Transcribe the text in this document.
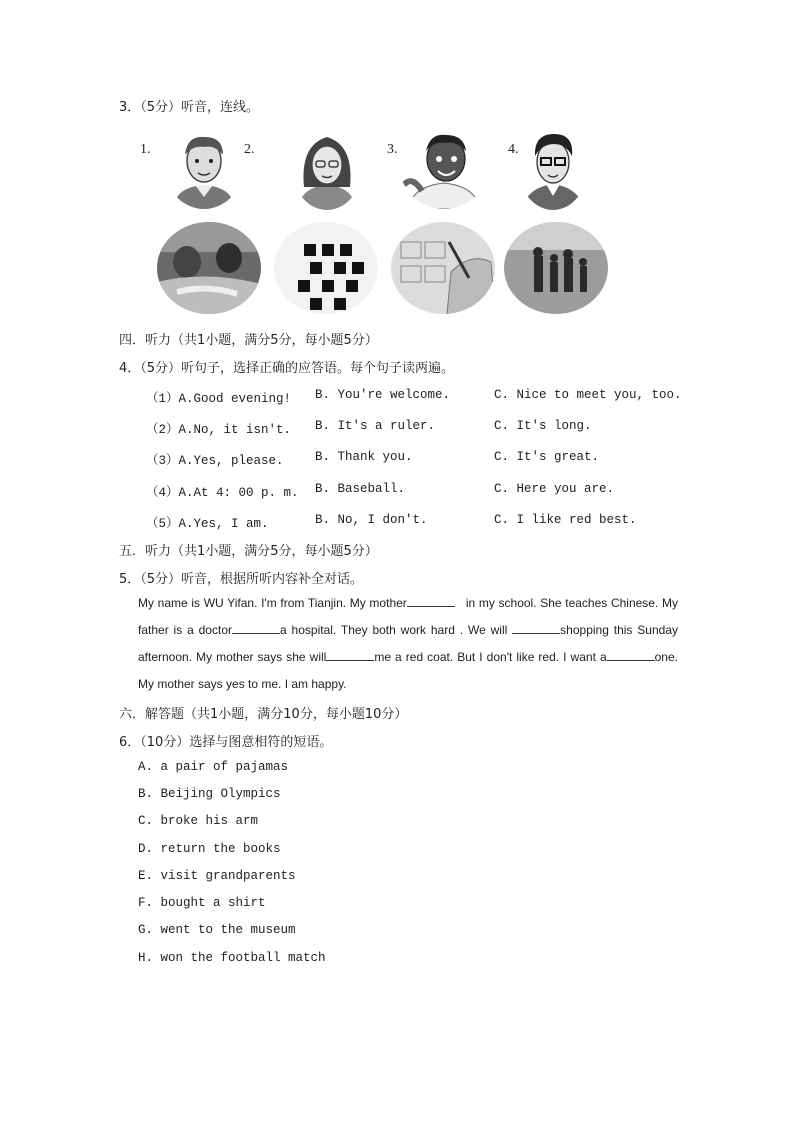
3．（5分）听音，连线。
1.	2.	3.	4.
四．听力（共1小题，满分5分，每小题5分）
4．（5分）听句子，选择正确的应答语。每个句子读两遍。
（1）A.Good evening! B. You're welcome.	C. Nice to meet you, too.
（2）A.No, it isn't. B. It's a ruler.	C. It's long.
（3）A.Yes, please.	B. Thank you.	C. It's great.
（4）A.At 4: 00 p. m. B. Baseball.	C. Here you are.
（5）A.Yes, I am.	B. No, I don't.	C. I like red best.
五．听力（共1小题，满分5分，每小题5分）
5．（5分）听音，根据所听内容补全对话。
My name is WU Yifan. I'm from Tianjin. My mother	in my school. She teaches Chinese. My father is a doctor	a hospital. They both work hard . We will	shopping this Sunday afternoon. My mother says she will	me a red coat. But I don't like red. I want a	one. My mother says yes to me. I am happy.
六．解答题（共1小题，满分10分，每小题10分）
6．（10分）选择与图意相符的短语。
A. a pair of pajamas
B. Beijing Olympics
C. broke his arm
D. return the books
E. visit grandparents
F. bought a shirt
G. went to the museum
H. won the football match
